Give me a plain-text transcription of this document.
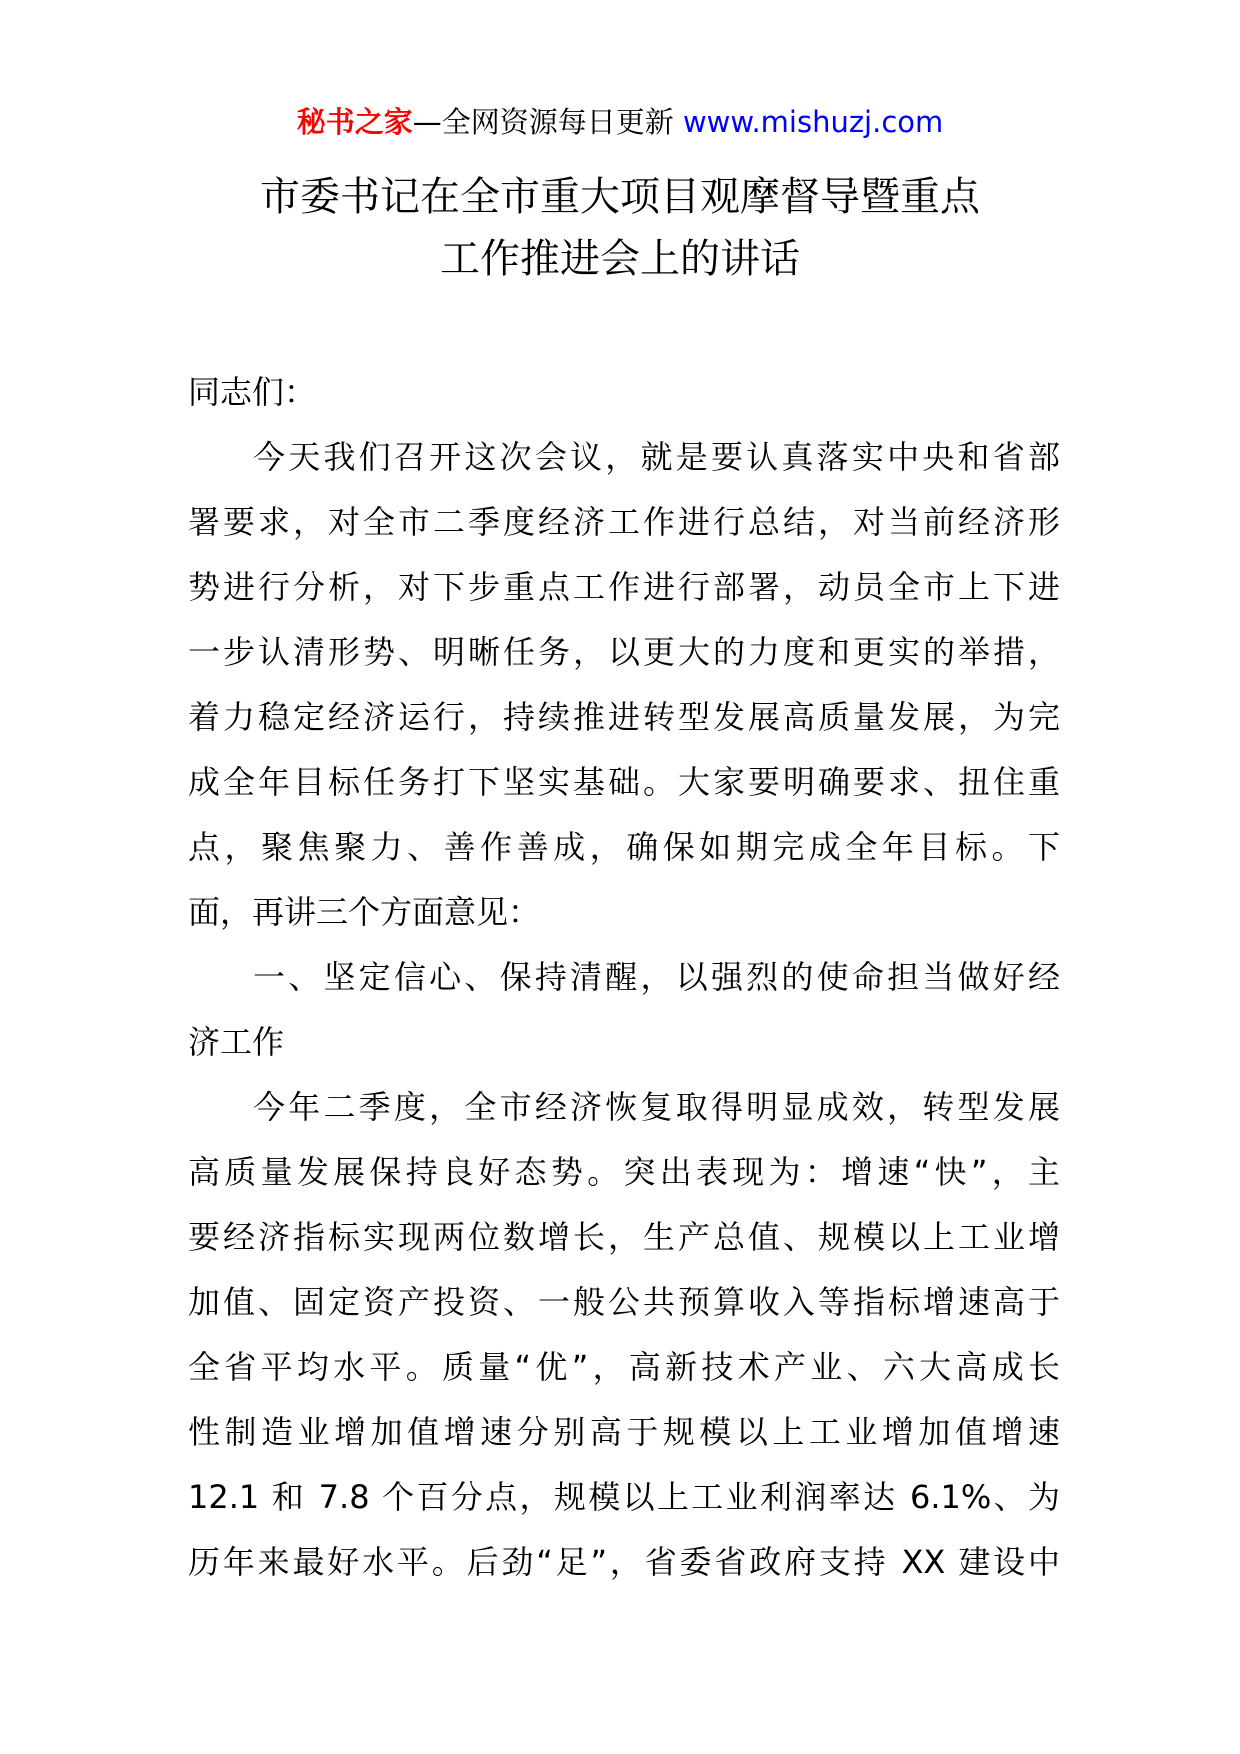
秘书之家—全网资源每日更新 www.mishuzj.com
市委书记在全市重大项目观摩督导暨重点
工作推进会上的讲话
同志们：
今天我们召开这次会议，就是要认真落实中央和省部
署要求，对全市二季度经济工作进行总结，对当前经济形
势进行分析，对下步重点工作进行部署，动员全市上下进
一步认清形势、明晰任务，以更大的力度和更实的举措，
着力稳定经济运行，持续推进转型发展高质量发展，为完
成全年目标任务打下坚实基础。大家要明确要求、扭住重
点，聚焦聚力、善作善成，确保如期完成全年目标。下
面，再讲三个方面意见：
一、坚定信心、保持清醒，以强烈的使命担当做好经
济工作
今年二季度，全市经济恢复取得明显成效，转型发展
高质量发展保持良好态势。突出表现为：增速“快”，主
要经济指标实现两位数增长，生产总值、规模以上工业增
加值、固定资产投资、一般公共预算收入等指标增速高于
全省平均水平。质量“优”，高新技术产业、六大高成长
性制造业增加值增速分别高于规模以上工业增加值增速
12.1 和 7.8 个百分点，规模以上工业利润率达 6.1%、为
历年来最好水平。后劲“足”，省委省政府支持 XX 建设中
